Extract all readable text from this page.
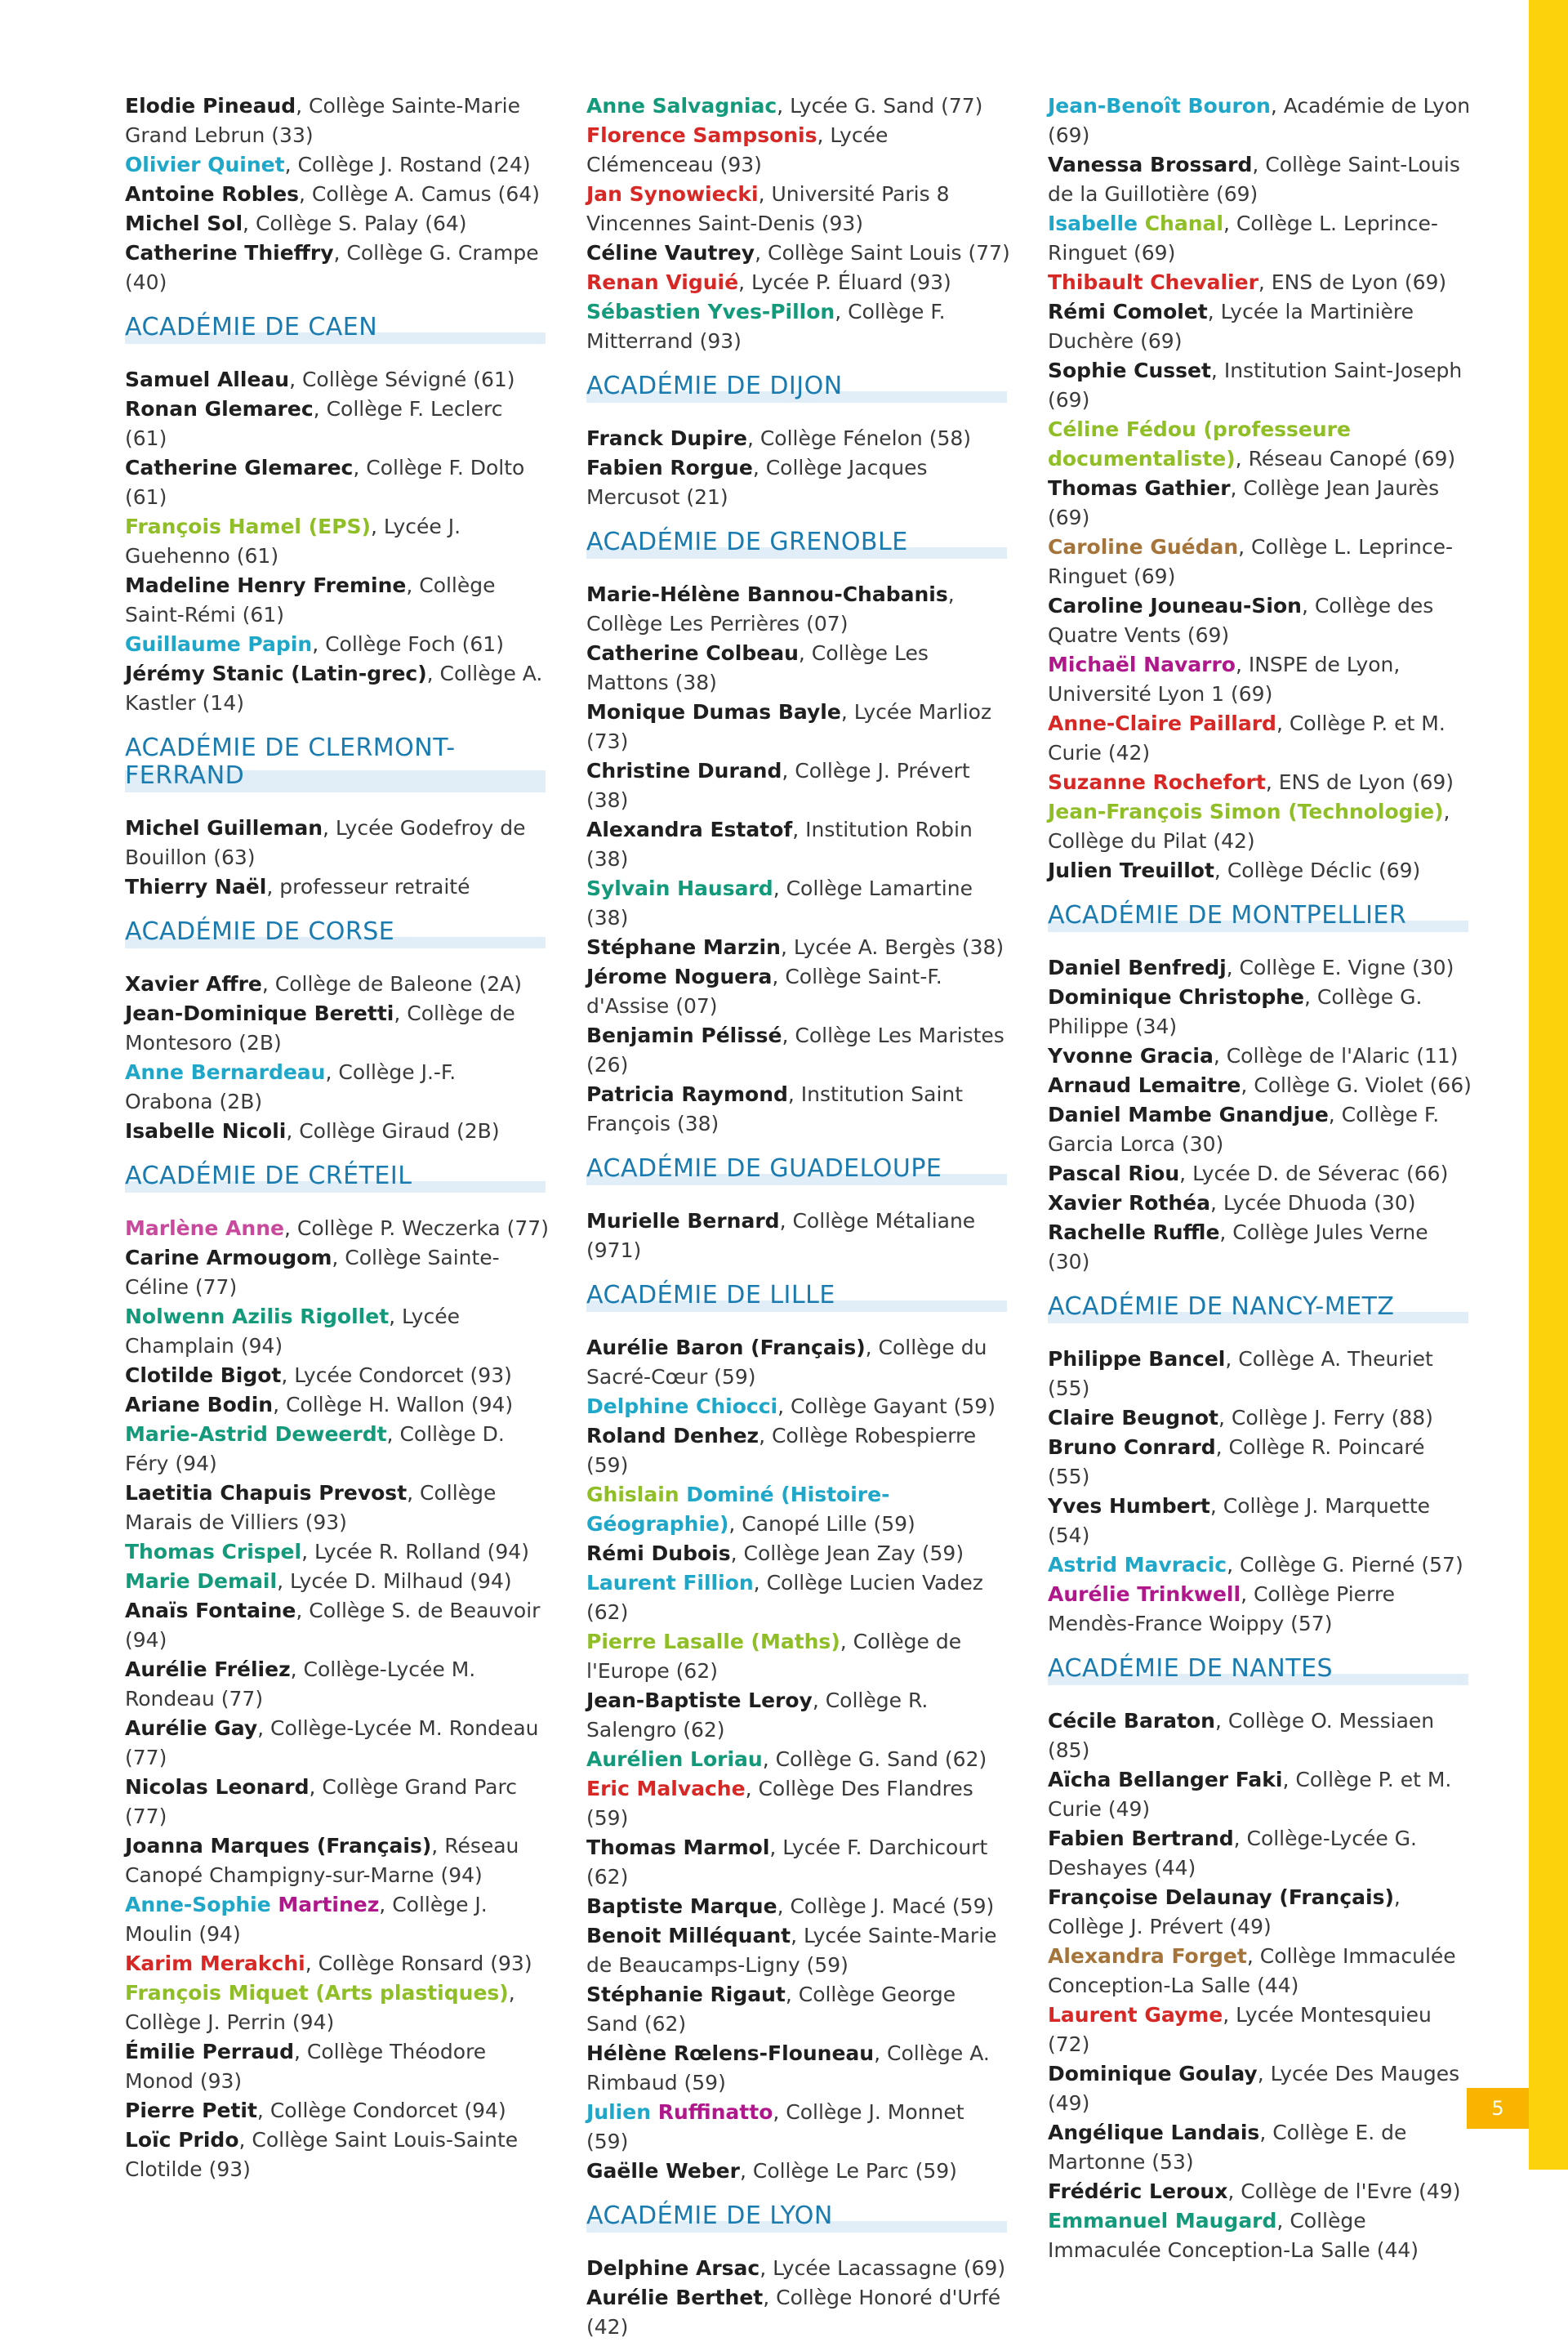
Elodie Pineaud, Collège Sainte-Marie Grand Lebrun (33)
Olivier Quinet, Collège J. Rostand (24)
Antoine Robles, Collège A. Camus (64)
Michel Sol, Collège S. Palay (64)
Catherine Thieffry, Collège G. Crampe (40)
ACADÉMIE DE CAEN
Samuel Alleau, Collège Sévigné (61)
Ronan Glemarec, Collège F. Leclerc (61)
Catherine Glemarec, Collège F. Dolto (61)
François Hamel (EPS), Lycée J. Guehenno (61)
Madeline Henry Fremine, Collège Saint-Rémi (61)
Guillaume Papin, Collège Foch (61)
Jérémy Stanic (Latin-grec), Collège A. Kastler (14)
ACADÉMIE DE CLERMONT-FERRAND
Michel Guilleman, Lycée Godefroy de Bouillon (63)
Thierry Naël, professeur retraité
ACADÉMIE DE CORSE
Xavier Affre, Collège de Baleone (2A)
Jean-Dominique Beretti, Collège de Montesoro (2B)
Anne Bernardeau, Collège J.-F. Orabona (2B)
Isabelle Nicoli, Collège Giraud (2B)
ACADÉMIE DE CRÉTEIL
Marlène Anne, Collège P. Weczerka (77)
Carine Armougom, Collège Sainte-Céline (77)
Nolwenn Azilis Rigollet, Lycée Champlain (94)
Clotilde Bigot, Lycée Condorcet (93)
Ariane Bodin, Collège H. Wallon (94)
Marie-Astrid Deweerdt, Collège D. Féry (94)
Laetitia Chapuis Prevost, Collège Marais de Villiers (93)
Thomas Crispel, Lycée R. Rolland (94)
Marie Demail, Lycée D. Milhaud (94)
Anaïs Fontaine, Collège S. de Beauvoir (94)
Aurélie Fréliez, Collège-Lycée M. Rondeau (77)
Aurélie Gay, Collège-Lycée M. Rondeau (77)
Nicolas Leonard, Collège Grand Parc (77)
Joanna Marques (Français), Réseau Canopé Champigny-sur-Marne (94)
Anne-Sophie Martinez, Collège J. Moulin (94)
Karim Merakchi, Collège Ronsard (93)
François Miquet (Arts plastiques), Collège J. Perrin (94)
Émilie Perraud, Collège Théodore Monod (93)
Pierre Petit, Collège Condorcet (94)
Loïc Prido, Collège Saint Louis-Sainte Clotilde (93)
Anne Salvagniac, Lycée G. Sand (77)
Florence Sampsonis, Lycée Clémenceau (93)
Jan Synowiecki, Université Paris 8 Vincennes Saint-Denis (93)
Céline Vautrey, Collège Saint Louis (77)
Renan Viguié, Lycée P. Éluard (93)
Sébastien Yves-Pillon, Collège F. Mitterrand (93)
ACADÉMIE DE DIJON
Franck Dupire, Collège Fénelon (58)
Fabien Rorgue, Collège Jacques Mercusot (21)
ACADÉMIE DE GRENOBLE
Marie-Hélène Bannou-Chabanis, Collège Les Perrières (07)
Catherine Colbeau, Collège Les Mattons (38)
Monique Dumas Bayle, Lycée Marlioz (73)
Christine Durand, Collège J. Prévert (38)
Alexandra Estatof, Institution Robin (38)
Sylvain Hausard, Collège Lamartine (38)
Stéphane Marzin, Lycée A. Bergès (38)
Jérome Noguera, Collège Saint-F. d'Assise (07)
Benjamin Pélissé, Collège Les Maristes (26)
Patricia Raymond, Institution Saint François (38)
ACADÉMIE DE GUADELOUPE
Murielle Bernard, Collège Métaliane (971)
ACADÉMIE DE LILLE
Aurélie Baron (Français), Collège du Sacré-Cœur (59)
Delphine Chiocci, Collège Gayant (59)
Roland Denhez, Collège Robespierre (59)
Ghislain Dominé (Histoire-Géographie), Canopé Lille (59)
Rémi Dubois, Collège Jean Zay (59)
Laurent Fillion, Collège Lucien Vadez (62)
Pierre Lasalle (Maths), Collège de l'Europe (62)
Jean-Baptiste Leroy, Collège R. Salengro (62)
Aurélien Loriau, Collège G. Sand (62)
Eric Malvache, Collège Des Flandres (59)
Thomas Marmol, Lycée F. Darchicourt (62)
Baptiste Marque, Collège J. Macé (59)
Benoit Milléquant, Lycée Sainte-Marie de Beaucamps-Ligny (59)
Stéphanie Rigaut, Collège George Sand (62)
Hélène Rœlens-Flouneau, Collège A. Rimbaud (59)
Julien Ruffinatto, Collège J. Monnet (59)
Gaëlle Weber, Collège Le Parc (59)
ACADÉMIE DE LYON
Delphine Arsac, Lycée Lacassagne (69)
Aurélie Berthet, Collège Honoré d'Urfé (42)
Jean-Benoît Bouron, Académie de Lyon (69)
Vanessa Brossard, Collège Saint-Louis de la Guillotière (69)
Isabelle Chanal, Collège L. Leprince-Ringuet (69)
Thibault Chevalier, ENS de Lyon (69)
Rémi Comolet, Lycée la Martinière Duchère (69)
Sophie Cusset, Institution Saint-Joseph (69)
Céline Fédou (professeure documentaliste), Réseau Canopé (69)
Thomas Gathier, Collège Jean Jaurès (69)
Caroline Guédan, Collège L. Leprince-Ringuet (69)
Caroline Jouneau-Sion, Collège des Quatre Vents (69)
Michaël Navarro, INSPE de Lyon, Université Lyon 1 (69)
Anne-Claire Paillard, Collège P. et M. Curie (42)
Suzanne Rochefort, ENS de Lyon (69)
Jean-François Simon (Technologie), Collège du Pilat (42)
Julien Treuillot, Collège Déclic (69)
ACADÉMIE DE MONTPELLIER
Daniel Benfredj, Collège E. Vigne (30)
Dominique Christophe, Collège G. Philippe (34)
Yvonne Gracia, Collège de l'Alaric (11)
Arnaud Lemaitre, Collège G. Violet (66)
Daniel Mambe Gnandjue, Collège F. Garcia Lorca (30)
Pascal Riou, Lycée D. de Séverac (66)
Xavier Rothéa, Lycée Dhuoda (30)
Rachelle Ruffle, Collège Jules Verne (30)
ACADÉMIE DE NANCY-METZ
Philippe Bancel, Collège A. Theuriet (55)
Claire Beugnot, Collège J. Ferry (88)
Bruno Conrard, Collège R. Poincaré (55)
Yves Humbert, Collège J. Marquette (54)
Astrid Mavracic, Collège G. Pierné (57)
Aurélie Trinkwell, Collège Pierre Mendès-France Woippy (57)
ACADÉMIE DE NANTES
Cécile Baraton, Collège O. Messiaen (85)
Aïcha Bellanger Faki, Collège P. et M. Curie (49)
Fabien Bertrand, Collège-Lycée G. Deshayes (44)
Françoise Delaunay (Français), Collège J. Prévert (49)
Alexandra Forget, Collège Immaculée Conception-La Salle (44)
Laurent Gayme, Lycée Montesquieu (72)
Dominique Goulay, Lycée Des Mauges (49)
Angélique Landais, Collège E. de Martonne (53)
Frédéric Leroux, Collège de l'Evre (49)
Emmanuel Maugard, Collège Immaculée Conception-La Salle (44)
5
